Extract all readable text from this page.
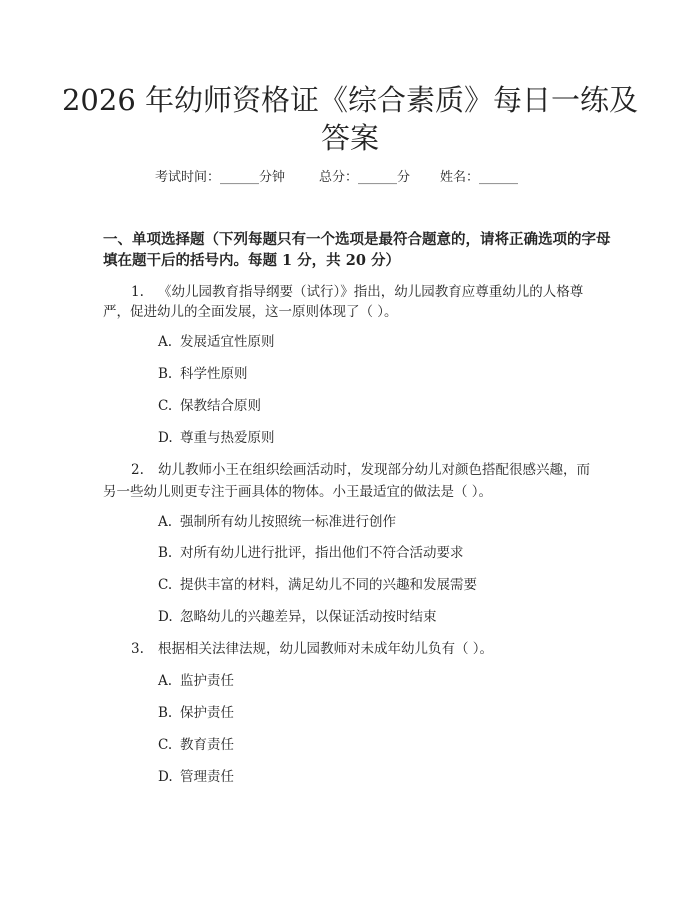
2026 年幼师资格证《综合素质》每日一练及
答案
考试时间：______分钟	总分：______分 姓名：______
一、单项选择题（下列每题只有一个选项是最符合题意的，请将正确选项的字母
填在题干后的括号内。每题 1 分，共 20 分）
1. 《幼儿园教育指导纲要（试行）》指出，幼儿园教育应尊重幼儿的人格尊
严，促进幼儿的全面发展，这一原则体现了（ ）。
A. 发展适宜性原则
B. 科学性原则
C. 保教结合原则
D. 尊重与热爱原则
2. 幼儿教师小王在组织绘画活动时，发现部分幼儿对颜色搭配很感兴趣，而
另一些幼儿则更专注于画具体的物体。小王最适宜的做法是（ ）。
A. 强制所有幼儿按照统一标准进行创作
B. 对所有幼儿进行批评，指出他们不符合活动要求
C. 提供丰富的材料，满足幼儿不同的兴趣和发展需要
D. 忽略幼儿的兴趣差异，以保证活动按时结束
3. 根据相关法律法规，幼儿园教师对未成年幼儿负有（ ）。
A. 监护责任
B. 保护责任
C. 教育责任
D. 管理责任
